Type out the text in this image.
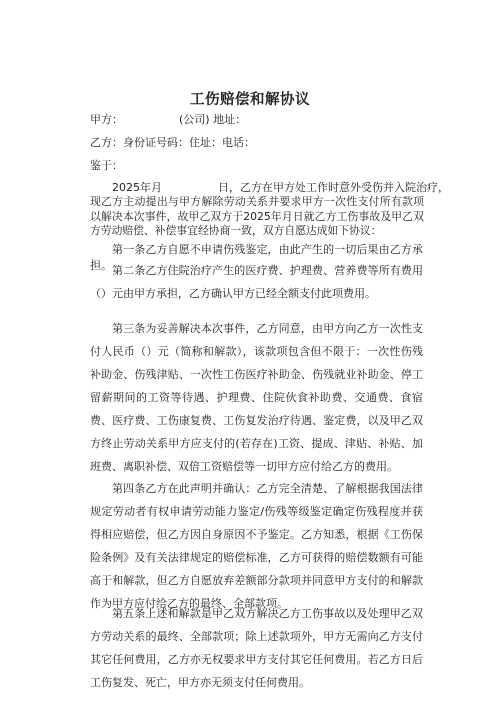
工伤赔偿和解协议
甲方：	(公司) 地址：
乙方：身份证号码：住址：电话：
鉴于：
2025年月	日，乙方在甲方处工作时意外受伤并入院治疗，
现乙方主动提出与甲方解除劳动关系并要求甲方一次性支付所有款项以解决本次事件，故甲乙双方于2025年月日就乙方工伤事故及甲乙双方劳动赔偿、补偿事宜经协商一致，双方自愿达成如下协议：
第一条乙方自愿不申请伤残鉴定，由此产生的一切后果由乙方承担。 第二条乙方住院治疗产生的医疗费、护理费、营养费等所有费用（）元由甲方承担，乙方确认甲方已经全额支付此项费用。
第三条为妥善解决本次事件，乙方同意，由甲方向乙方一次性支付人民币（）元（简称和解款），该款项包含但不限于：一次性伤残补助金、伤残津贴、一次性工伤医疗补助金、伤残就业补助金、停工留薪期间的工资等待遇、护理费、住院伙食补助费、交通费、食宿费、医疗费、工伤康复费、工伤复发治疗待遇、鉴定费，以及甲乙双方终止劳动关系甲方应支付的(若存在)工资、提成、津贴、补贴、加班费、离职补偿、双倍工资赔偿等一切甲方应付给乙方的费用。
第四条乙方在此声明并确认：乙方完全清楚、了解根据我国法律规定劳动者有权申请劳动能力鉴定/伤残等级鉴定确定伤残程度并获得相应赔偿，但乙方因自身原因不予鉴定。乙方知悉，根据《工伤保险条例》及有关法律规定的赔偿标准，乙方可获得的赔偿数额有可能高于和解款，但乙方自愿放弃差额部分款项并同意甲方支付的和解款作为甲方应付给乙方的最终、全部款项。
第五条上述和解款是甲乙双方解决乙方工伤事故以及处理甲乙双方劳动关系的最终、全部款项；除上述款项外，甲方无需向乙方支付其它任何费用，乙方亦无权要求甲方支付其它任何费用。若乙方日后工伤复发、死亡，甲方亦无须支付任何费用。
